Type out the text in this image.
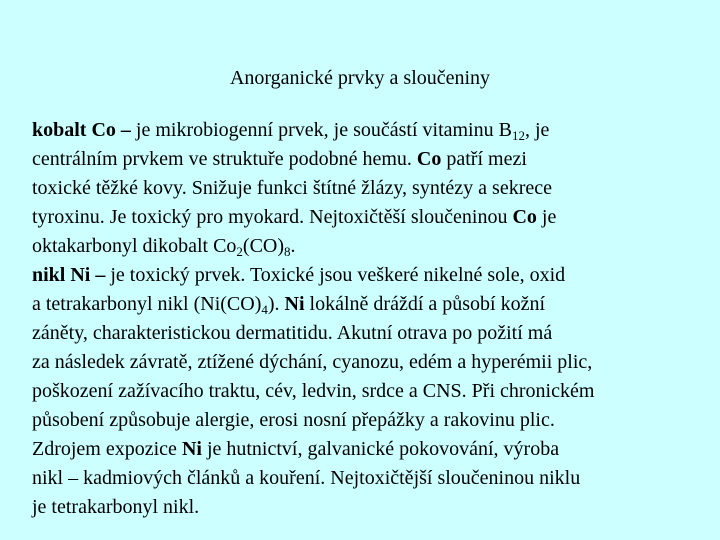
Anorganické prvky a sloučeniny
kobalt Co – je mikrobiogenní prvek, je součástí vitaminu $B_{12}$, je
centrálním prvkem ve struktuře podobné hemu. Co patří mezi
toxické těžké kovy. Snižuje funkci štítné žlázy, syntézy a sekrece
tyroxinu. Je toxický pro myokard. Nejtoxičtěší sloučeninou Co je
oktakarbonyl dikobalt $Co_2(CO)_8$.
nikl Ni – je toxický prvek. Toxické jsou veškeré nikelné sole, oxid
a tetrakarbonyl nikl $(Ni(CO)_4)$. Ni lokálně dráždí a působí kožní
záněty, charakteristickou dermatitidu. Akutní otrava po požití má
za následek závratě, ztížené dýchání, cyanozu, edém a hyperémii plic,
poškození zažívacího traktu, cév, ledvin, srdce a CNS. Při chronickém
působení způsobuje alergie, erosi nosní přepážky a rakovinu plic.
Zdrojem expozice Ni je hutnictví, galvanické pokovování, výroba
nikl – kadmiových článků a kouření. Nejtoxičtější sloučeninou niklu
je tetrakarbonyl nikl.
